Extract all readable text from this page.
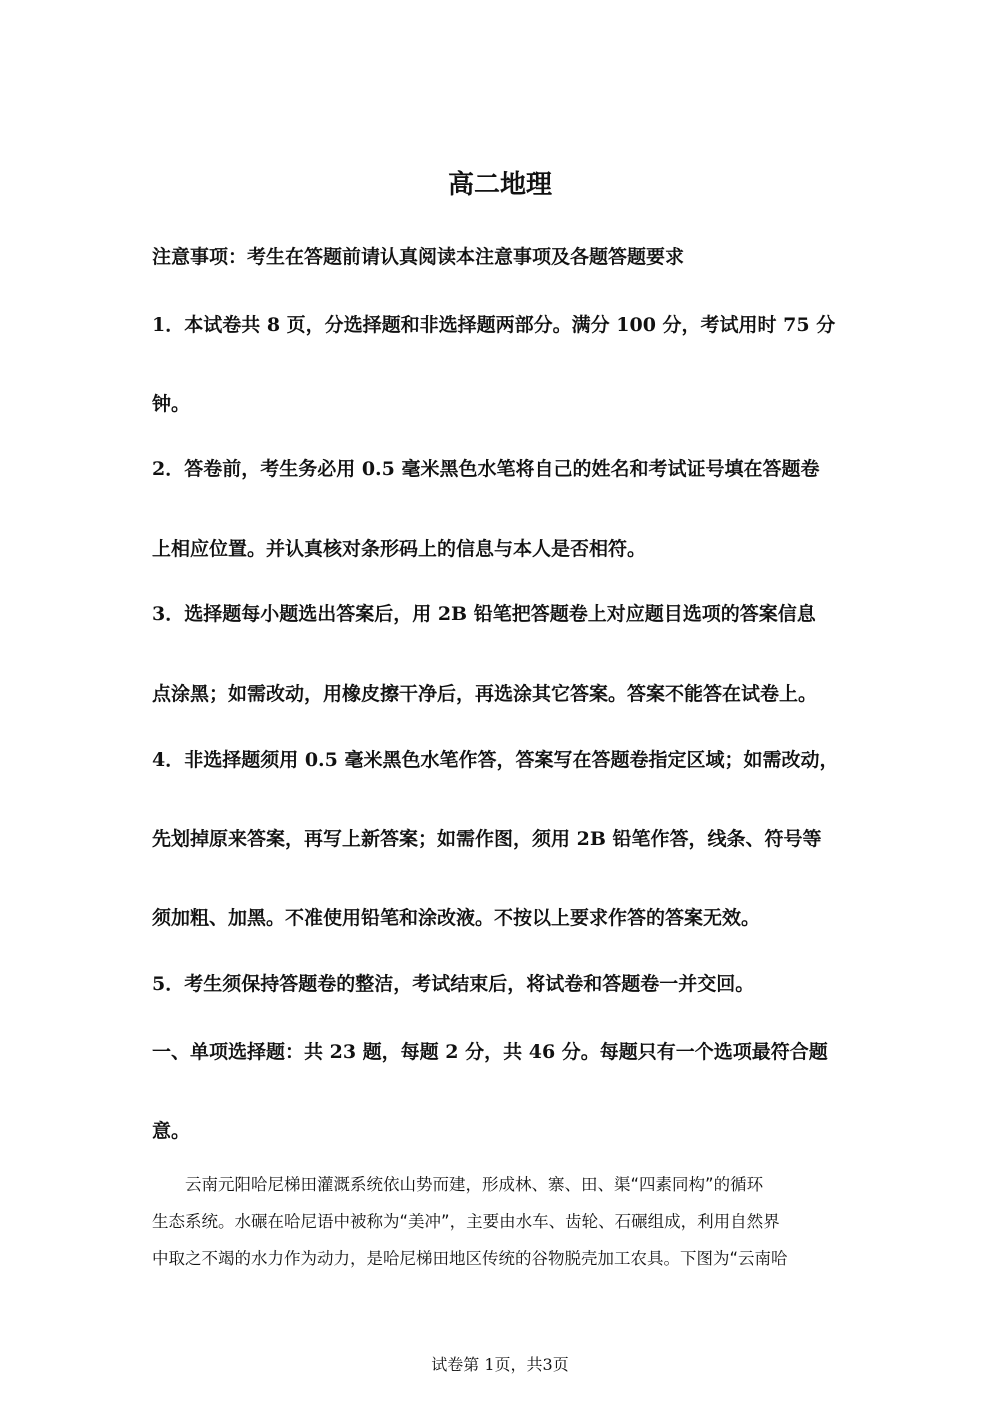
高二地理
注意事项：考生在答题前请认真阅读本注意事项及各题答题要求
1．本试卷共 8 页，分选择题和非选择题两部分。满分 100 分，考试用时 75 分
钟。
2．答卷前，考生务必用 0.5 毫米黑色水笔将自己的姓名和考试证号填在答题卷
上相应位置。并认真核对条形码上的信息与本人是否相符。
3．选择题每小题选出答案后，用 2B 铅笔把答题卷上对应题目选项的答案信息
点涂黑；如需改动，用橡皮擦干净后，再选涂其它答案。答案不能答在试卷上。
4．非选择题须用 0.5 毫米黑色水笔作答，答案写在答题卷指定区域；如需改动，
先划掉原来答案，再写上新答案；如需作图，须用 2B 铅笔作答，线条、符号等
须加粗、加黑。不准使用铅笔和涂改液。不按以上要求作答的答案无效。
5．考生须保持答题卷的整洁，考试结束后，将试卷和答题卷一并交回。
一、单项选择题：共 23 题，每题 2 分，共 46 分。每题只有一个选项最符合题
意。
　　云南元阳哈尼梯田灌溉系统依山势而建，形成林、寨、田、渠“四素同构”的循环
生态系统。水碾在哈尼语中被称为“美冲”，主要由水车、齿轮、石碾组成，利用自然界
中取之不竭的水力作为动力，是哈尼梯田地区传统的谷物脱壳加工农具。下图为“云南哈
试卷第 1页，共3页
